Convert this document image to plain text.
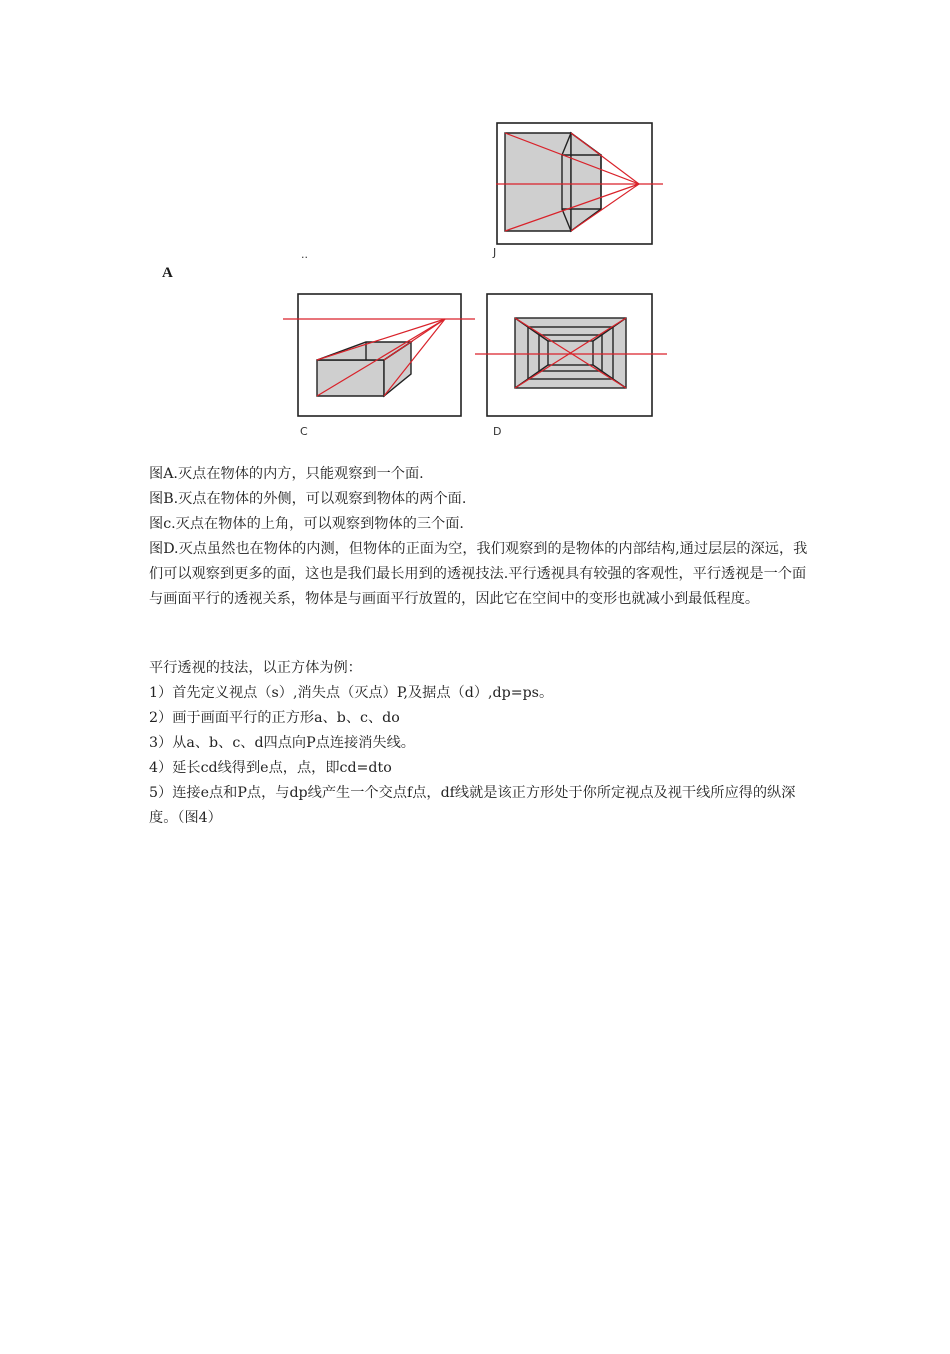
J
..
A
C	D

图A.灭点在物体的内方，只能观察到一个面.

图B.灭点在物体的外侧，可以观察到物体的两个面.

图c.灭点在物体的上角，可以观察到物体的三个面.

图D.灭点虽然也在物体的内测，但物体的正面为空，我们观察到的是物体的内部结构,通过层层的深远，我们可以观察到更多的面，这也是我们最长用到的透视技法.平行透视具有较强的客观性，平行透视是一个面与画面平行的透视关系，物体是与画面平行放置的，因此它在空间中的变形也就减小到最低程度。

平行透视的技法，以正方体为例：

1）首先定义视点（s）,消失点（灭点）P,及据点（d）,dp=ps。

2）画于画面平行的正方形a、b、c、do

3）从a、b、c、d四点向P点连接消失线。

4）延长cd线得到e点，点，即cd=dto

5）连接e点和P点，与dp线产生一个交点f点，df线就是该正方形处于你所定视点及视干线所应得的纵深度。（图4）
